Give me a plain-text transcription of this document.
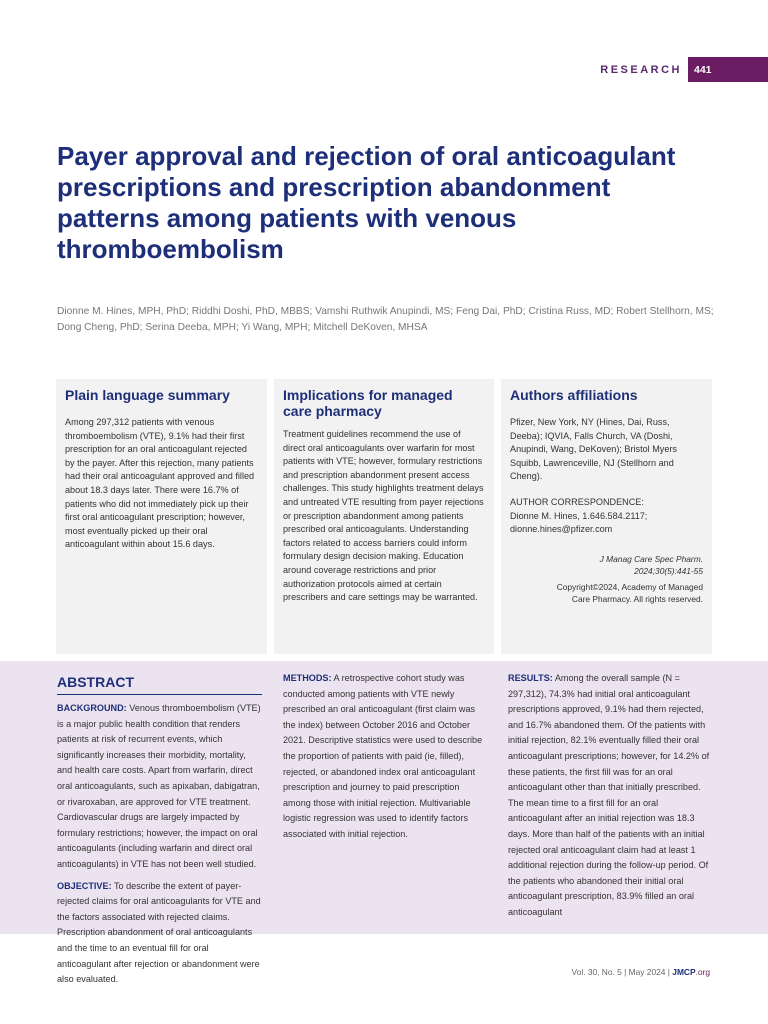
RESEARCH	441
Payer approval and rejection of oral anticoagulant prescriptions and prescription abandonment patterns among patients with venous thromboembolism

Dionne M. Hines, MPH, PhD; Riddhi Doshi, PhD, MBBS; Vamshi Ruthwik Anupindi, MS; Feng Dai, PhD; Cristina Russ, MD; Robert Stellhorn, MS; Dong Cheng, PhD; Serina Deeba, MPH; Yi Wang, MPH; Mitchell DeKoven, MHSA

Plain language summary

Among 297,312 patients with venous thromboembolism (VTE), 9.1% had their first prescription for an oral anticoagulant rejected by the payer. After this rejection, many patients had their oral anticoagulant approved and filled about 18.3 days later. There were 16.7% of patients who did not immediately pick up their first oral anticoagulant prescription; however, most eventually picked up their oral anticoagulant within about 15.6 days.

Implications for managed care pharmacy

Treatment guidelines recommend the use of direct oral anticoagulants over warfarin for most patients with VTE; however, formulary restrictions and prescription abandonment present access challenges. This study highlights treatment delays and untreated VTE resulting from payer rejections or prescription abandonment among patients prescribed oral anticoagulants. Understanding factors related to access barriers could inform formulary design decision making. Education around coverage restrictions and prior authorization protocols aimed at certain prescribers and care settings may be warranted.

Authors affiliations

Pfizer, New York, NY (Hines, Dai, Russ, Deeba); IQVIA, Falls Church, VA (Doshi, Anupindi, Wang, DeKoven); Bristol Myers Squibb, Lawrenceville, NJ (Stellhorn and Cheng).

AUTHOR CORRESPONDENCE:
Dionne M. Hines, 1.646.584.2117;
dionne.hines@pfizer.com

J Manag Care Spec Pharm.
2024;30(5):441-55

Copyright©2024, Academy of Managed
Care Pharmacy. All rights reserved.

ABSTRACT

BACKGROUND: Venous thromboembolism (VTE) is a major public health condition that renders patients at risk of recurrent events, which significantly increases their morbidity, mortality, and health care costs. Apart from warfarin, direct oral anticoagulants, such as apixaban, dabigatran, or rivaroxaban, are approved for VTE treatment. Cardiovascular drugs are largely impacted by formulary restrictions; however, the impact on oral anticoagulants (including warfarin and direct oral anticoagulants) in VTE has not been well studied.

OBJECTIVE: To describe the extent of payer-rejected claims for oral anticoagulants for VTE and the factors associated with rejected claims. Prescription abandonment of oral anticoagulants and the time to an eventual fill for oral anticoagulant after rejection or abandonment were also evaluated.

METHODS: A retrospective cohort study was conducted among patients with VTE newly prescribed an oral anticoagulant (first claim was the index) between October 2016 and October 2021. Descriptive statistics were used to describe the proportion of patients with paid (ie, filled), rejected, or abandoned index oral anticoagulant prescription and journey to paid prescription among those with initial rejection. Multivariable logistic regression was used to identify factors associated with initial rejection.

RESULTS: Among the overall sample (N = 297,312), 74.3% had initial oral anticoagulant prescriptions approved, 9.1% had them rejected, and 16.7% abandoned them. Of the patients with initial rejection, 82.1% eventually filled their oral anticoagulant prescriptions; however, for 14.2% of these patients, the first fill was for an oral anticoagulant other than that initially prescribed. The mean time to a first fill for an oral anticoagulant after an initial rejection was 18.3 days. More than half of the patients with an initial rejected oral anticoagulant claim had at least 1 additional rejection during the follow-up period. Of the patients who abandoned their initial oral anticoagulant prescription, 83.9% filled an oral anticoagulant

Vol. 30, No. 5 | May 2024 | JMCP.org
